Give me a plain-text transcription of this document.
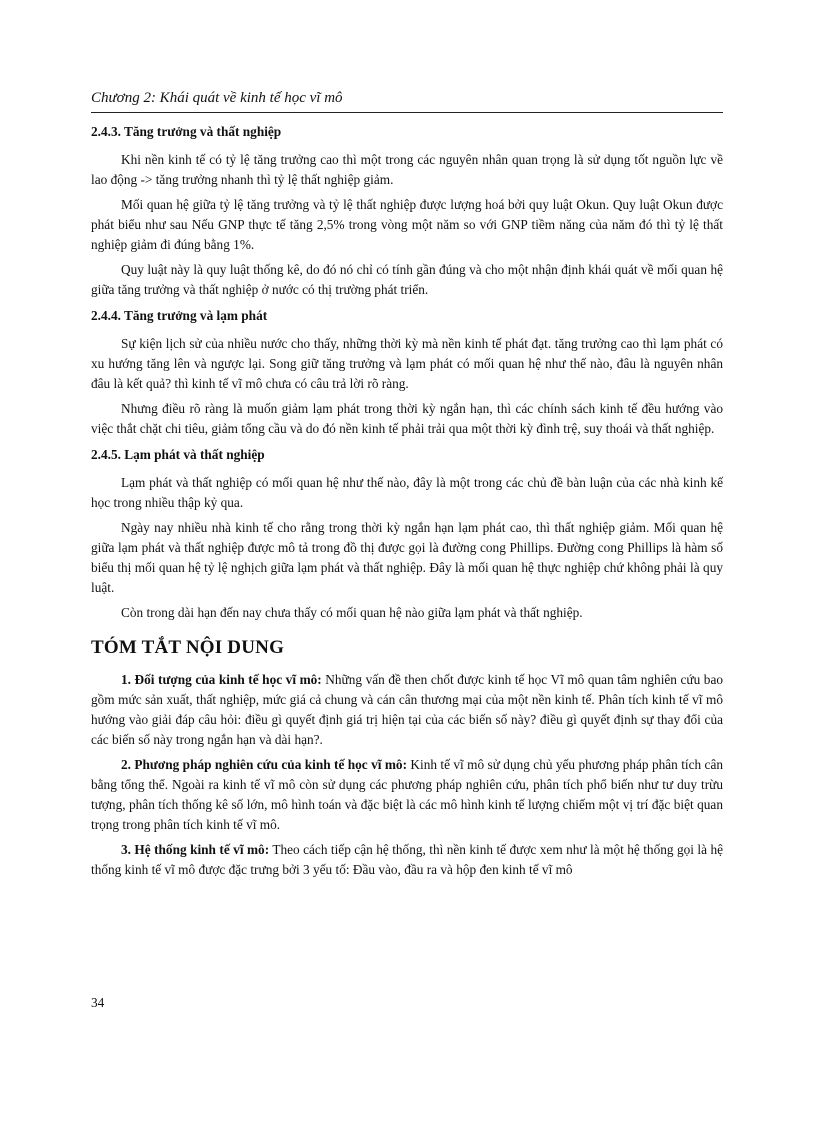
Chương 2: Khái quát về kinh tế học vĩ mô
2.4.3. Tăng trưởng và thất nghiệp

Khi nền kinh tế có tỷ lệ tăng trưởng cao thì một trong các nguyên nhân quan trọng là sử dụng tốt nguồn lực về lao động -> tăng trưởng nhanh thì tỷ lệ thất nghiệp giảm.

Mối quan hệ giữa tỷ lệ tăng trưởng và tỷ lệ thất nghiệp được lượng hoá bởi quy luật Okun. Quy luật Okun được phát biểu như sau Nếu GNP thực tế tăng 2,5% trong vòng một năm so với GNP tiềm năng của năm đó thì tỷ lệ thất nghiệp giảm đi đúng bằng 1%.

Quy luật này là quy luật thống kê, do đó nó chỉ có tính gần đúng và cho một nhận định khái quát về mối quan hệ giữa tăng trưởng và thất nghiệp ở nước có thị trường phát triển.

2.4.4. Tăng trưởng và lạm phát

Sự kiện lịch sử của nhiều nước cho thấy, những thời kỳ mà nền kinh tế phát đạt. tăng trưởng cao thì lạm phát có xu hướng tăng lên và ngược lại. Song giữ tăng trưởng và lạm phát có mối quan hệ như thế nào, đâu là nguyên nhân đâu là kết quả? thì kinh tế vĩ mô chưa có câu trả lời rõ ràng.

Nhưng điều rõ ràng là muốn giảm lạm phát trong thời kỳ ngắn hạn, thì các chính sách kinh tế đều hướng vào việc thắt chặt chi tiêu, giảm tổng cầu và do đó nền kinh tế phải trải qua một thời kỳ đình trệ, suy thoái và thất nghiệp.

2.4.5. Lạm phát và thất nghiệp

Lạm phát và thất nghiệp có mối quan hệ như thế nào, đây là một trong các chủ đề bàn luận của các nhà kinh kế học trong nhiều thập kỷ qua.

Ngày nay nhiều nhà kinh tế cho rằng trong thời kỳ ngắn hạn lạm phát cao, thì thất nghiệp giảm. Mối quan hệ giữa lạm phát và thất nghiệp được mô tả trong đồ thị được gọi là đường cong Phillips. Đường cong Phillips là hàm số biểu thị mối quan hệ tỷ lệ nghịch giữa lạm phát và thất nghiệp. Đây là mối quan hệ thực nghiệp chứ không phải là quy luật.

Còn trong dài hạn đến nay chưa thấy có mối quan hệ nào giữa lạm phát và thất nghiệp.

TÓM TẮT NỘI DUNG

1. Đối tượng của kinh tế học vĩ mô: Những vấn đề then chốt được kinh tế học Vĩ mô quan tâm nghiên cứu bao gồm mức sản xuất, thất nghiệp, mức giá cả chung và cán cân thương mại của một nền kinh tế. Phân tích kinh tế vĩ mô hướng vào giải đáp câu hỏi: điều gì quyết định giá trị hiện tại của các biến số này? điều gì quyết định sự thay đổi của các biến số này trong ngắn hạn và dài hạn?.

2. Phương pháp nghiên cứu của kinh tế học vĩ mô: Kinh tế vĩ mô sử dụng chủ yếu phương pháp phân tích cân bằng tổng thể. Ngoài ra kinh tế vĩ mô còn sử dụng các phương pháp nghiên cứu, phân tích phổ biến như tư duy trừu tượng, phân tích thống kê số lớn, mô hình toán và đặc biệt là các mô hình kinh tế lượng chiếm một vị trí đặc biệt quan trọng trong phân tích kinh tế vĩ mô.

3. Hệ thống kinh tế vĩ mô: Theo cách tiếp cận hệ thống, thì nền kinh tế được xem như là một hệ thống gọi là hệ thống kinh tế vĩ mô được đặc trưng bởi 3 yếu tố: Đầu vào, đầu ra và hộp đen kinh tế vĩ mô

34
